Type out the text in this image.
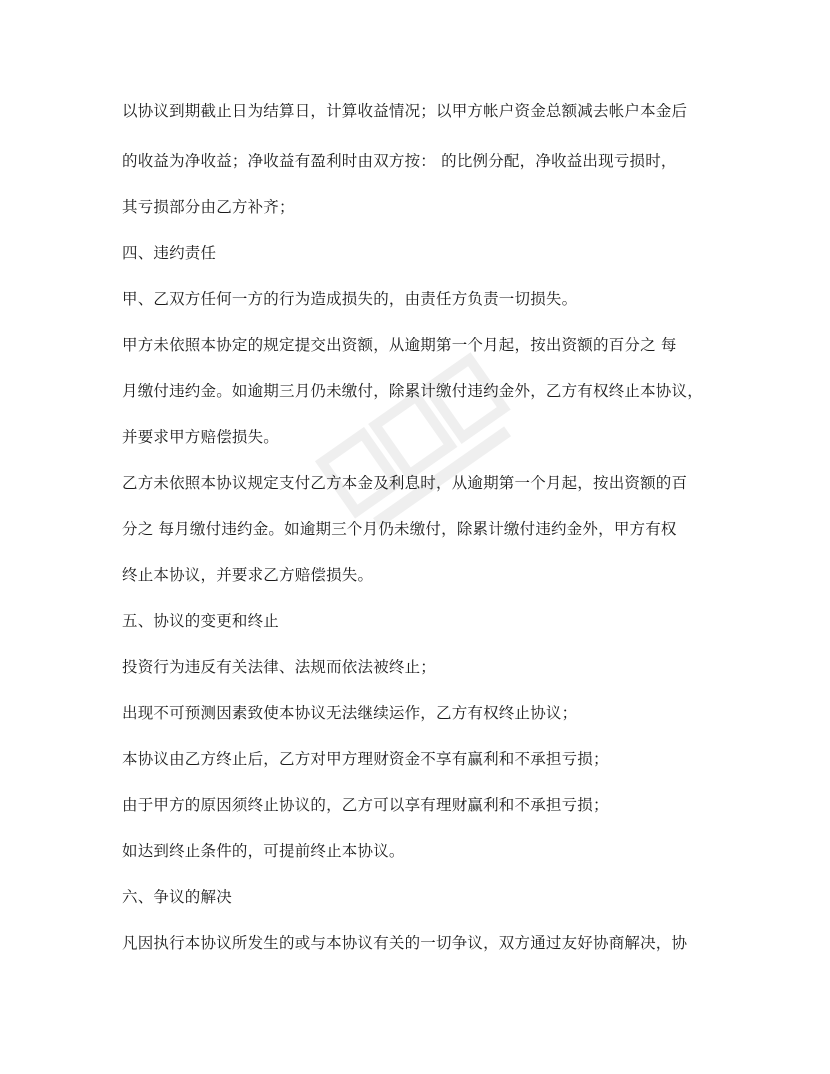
以协议到期截止日为结算日，计算收益情况；以甲方帐户资金总额减去帐户本金后
的收益为净收益；净收益有盈利时由双方按： 的比例分配，净收益出现亏损时，
其亏损部分由乙方补齐；
四、违约责任
甲、乙双方任何一方的行为造成损失的，由责任方负责一切损失。
甲方未依照本协定的规定提交出资额，从逾期第一个月起，按出资额的百分之 每
月缴付违约金。如逾期三月仍未缴付，除累计缴付违约金外，乙方有权终止本协议，
并要求甲方赔偿损失。
乙方未依照本协议规定支付乙方本金及利息时，从逾期第一个月起，按出资额的百
分之 每月缴付违约金。如逾期三个月仍未缴付，除累计缴付违约金外，甲方有权
终止本协议，并要求乙方赔偿损失。
五、协议的变更和终止
投资行为违反有关法律、法规而依法被终止；
出现不可预测因素致使本协议无法继续运作，乙方有权终止协议；
本协议由乙方终止后，乙方对甲方理财资金不享有赢利和不承担亏损；
由于甲方的原因须终止协议的，乙方可以享有理财赢利和不承担亏损；
如达到终止条件的，可提前终止本协议。
六、争议的解决
凡因执行本协议所发生的或与本协议有关的一切争议，双方通过友好协商解决，协
